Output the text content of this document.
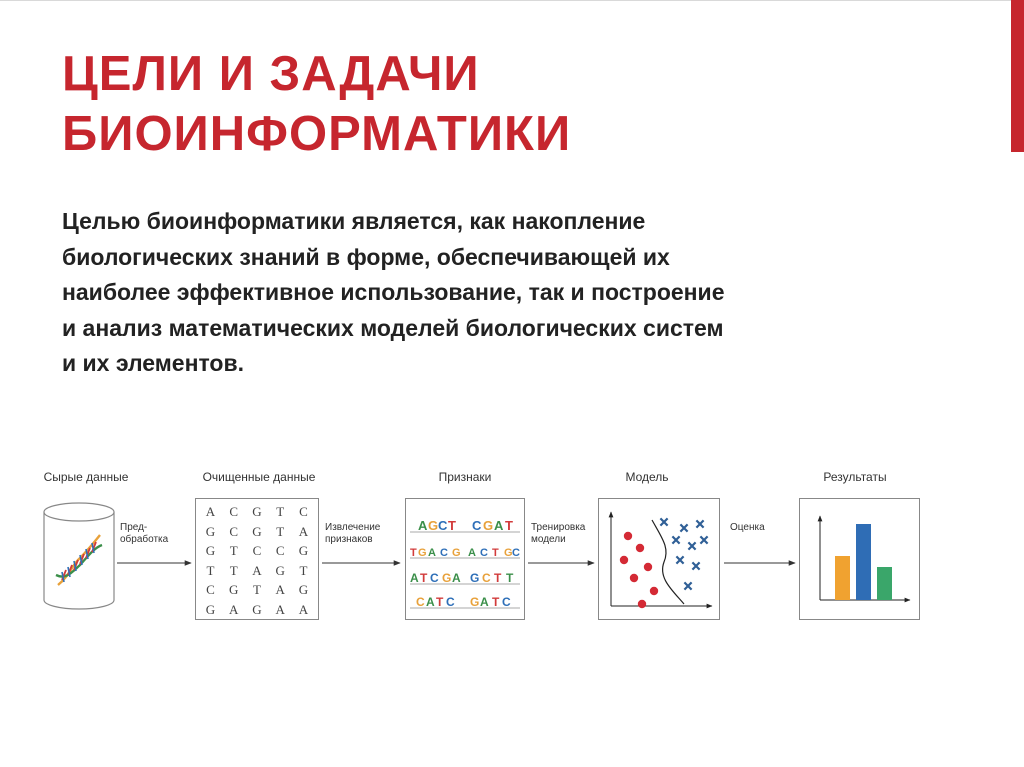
ЦЕЛИ И ЗАДАЧИ
БИОИНФОРМАТИКИ
Целью биоинформатики является, как накопление
биологических знаний в форме, обеспечивающей их
наиболее эффективное использование, так и построение
и анализ математических моделей биологических систем
и их элементов.
Сырые данные	Очищенные данные	Признаки	Модель	Результаты
Пред-
обработка
Извлечение
признаков
Тренировка
модели
Оценка
A	C	G	T	C
G	C	G	T	A
G	T	C	C	G
T	T	A G	T
C	G	T	A G
G A G A A
A G C T C G A T
T G A C G A C T G C
A T C G A G C T T
C A T C G A T C
